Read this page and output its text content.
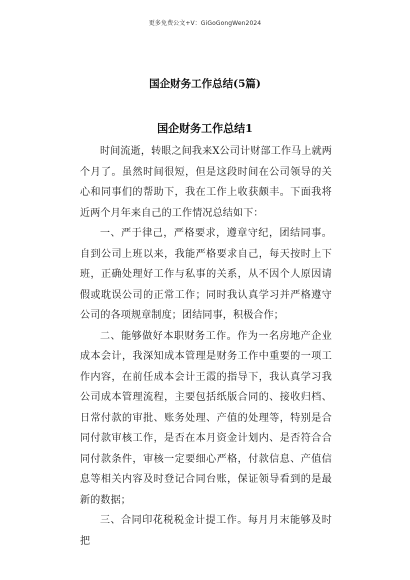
更多免费公文+V：GiGoGongWen2024
国企财务工作总结(5篇)
国企财务工作总结1

时间流逝，转眼之间我来X公司计财部工作马上就两个月了。虽然时间很短，但是这段时间在公司领导的关心和同事们的帮助下，我在工作上收获颇丰。下面我将近两个月年来自己的工作情况总结如下：

一、严于律己，严格要求，遵章守纪，团结同事。自到公司上班以来，我能严格要求自己，每天按时上下班，正确处理好工作与私事的关系，从不因个人原因请假或耽误公司的正常工作；同时我认真学习并严格遵守公司的各项规章制度；团结同事，积极合作；

二、能够做好本职财务工作。作为一名房地产企业成本会计，我深知成本管理是财务工作中重要的一项工作内容，在前任成本会计王霞的指导下，我认真学习我公司成本管理流程，主要包括纸版合同的、接收归档、日常付款的审批、账务处理、产值的处理等，特别是合同付款审核工作，是否在本月资金计划内、是否符合合同付款条件，审核一定要细心严格，付款信息、产值信息等相关内容及时登记合同台账，保证领导看到的是最新的数据；

三、合同印花税税金计提工作。每月月末能够及时把
